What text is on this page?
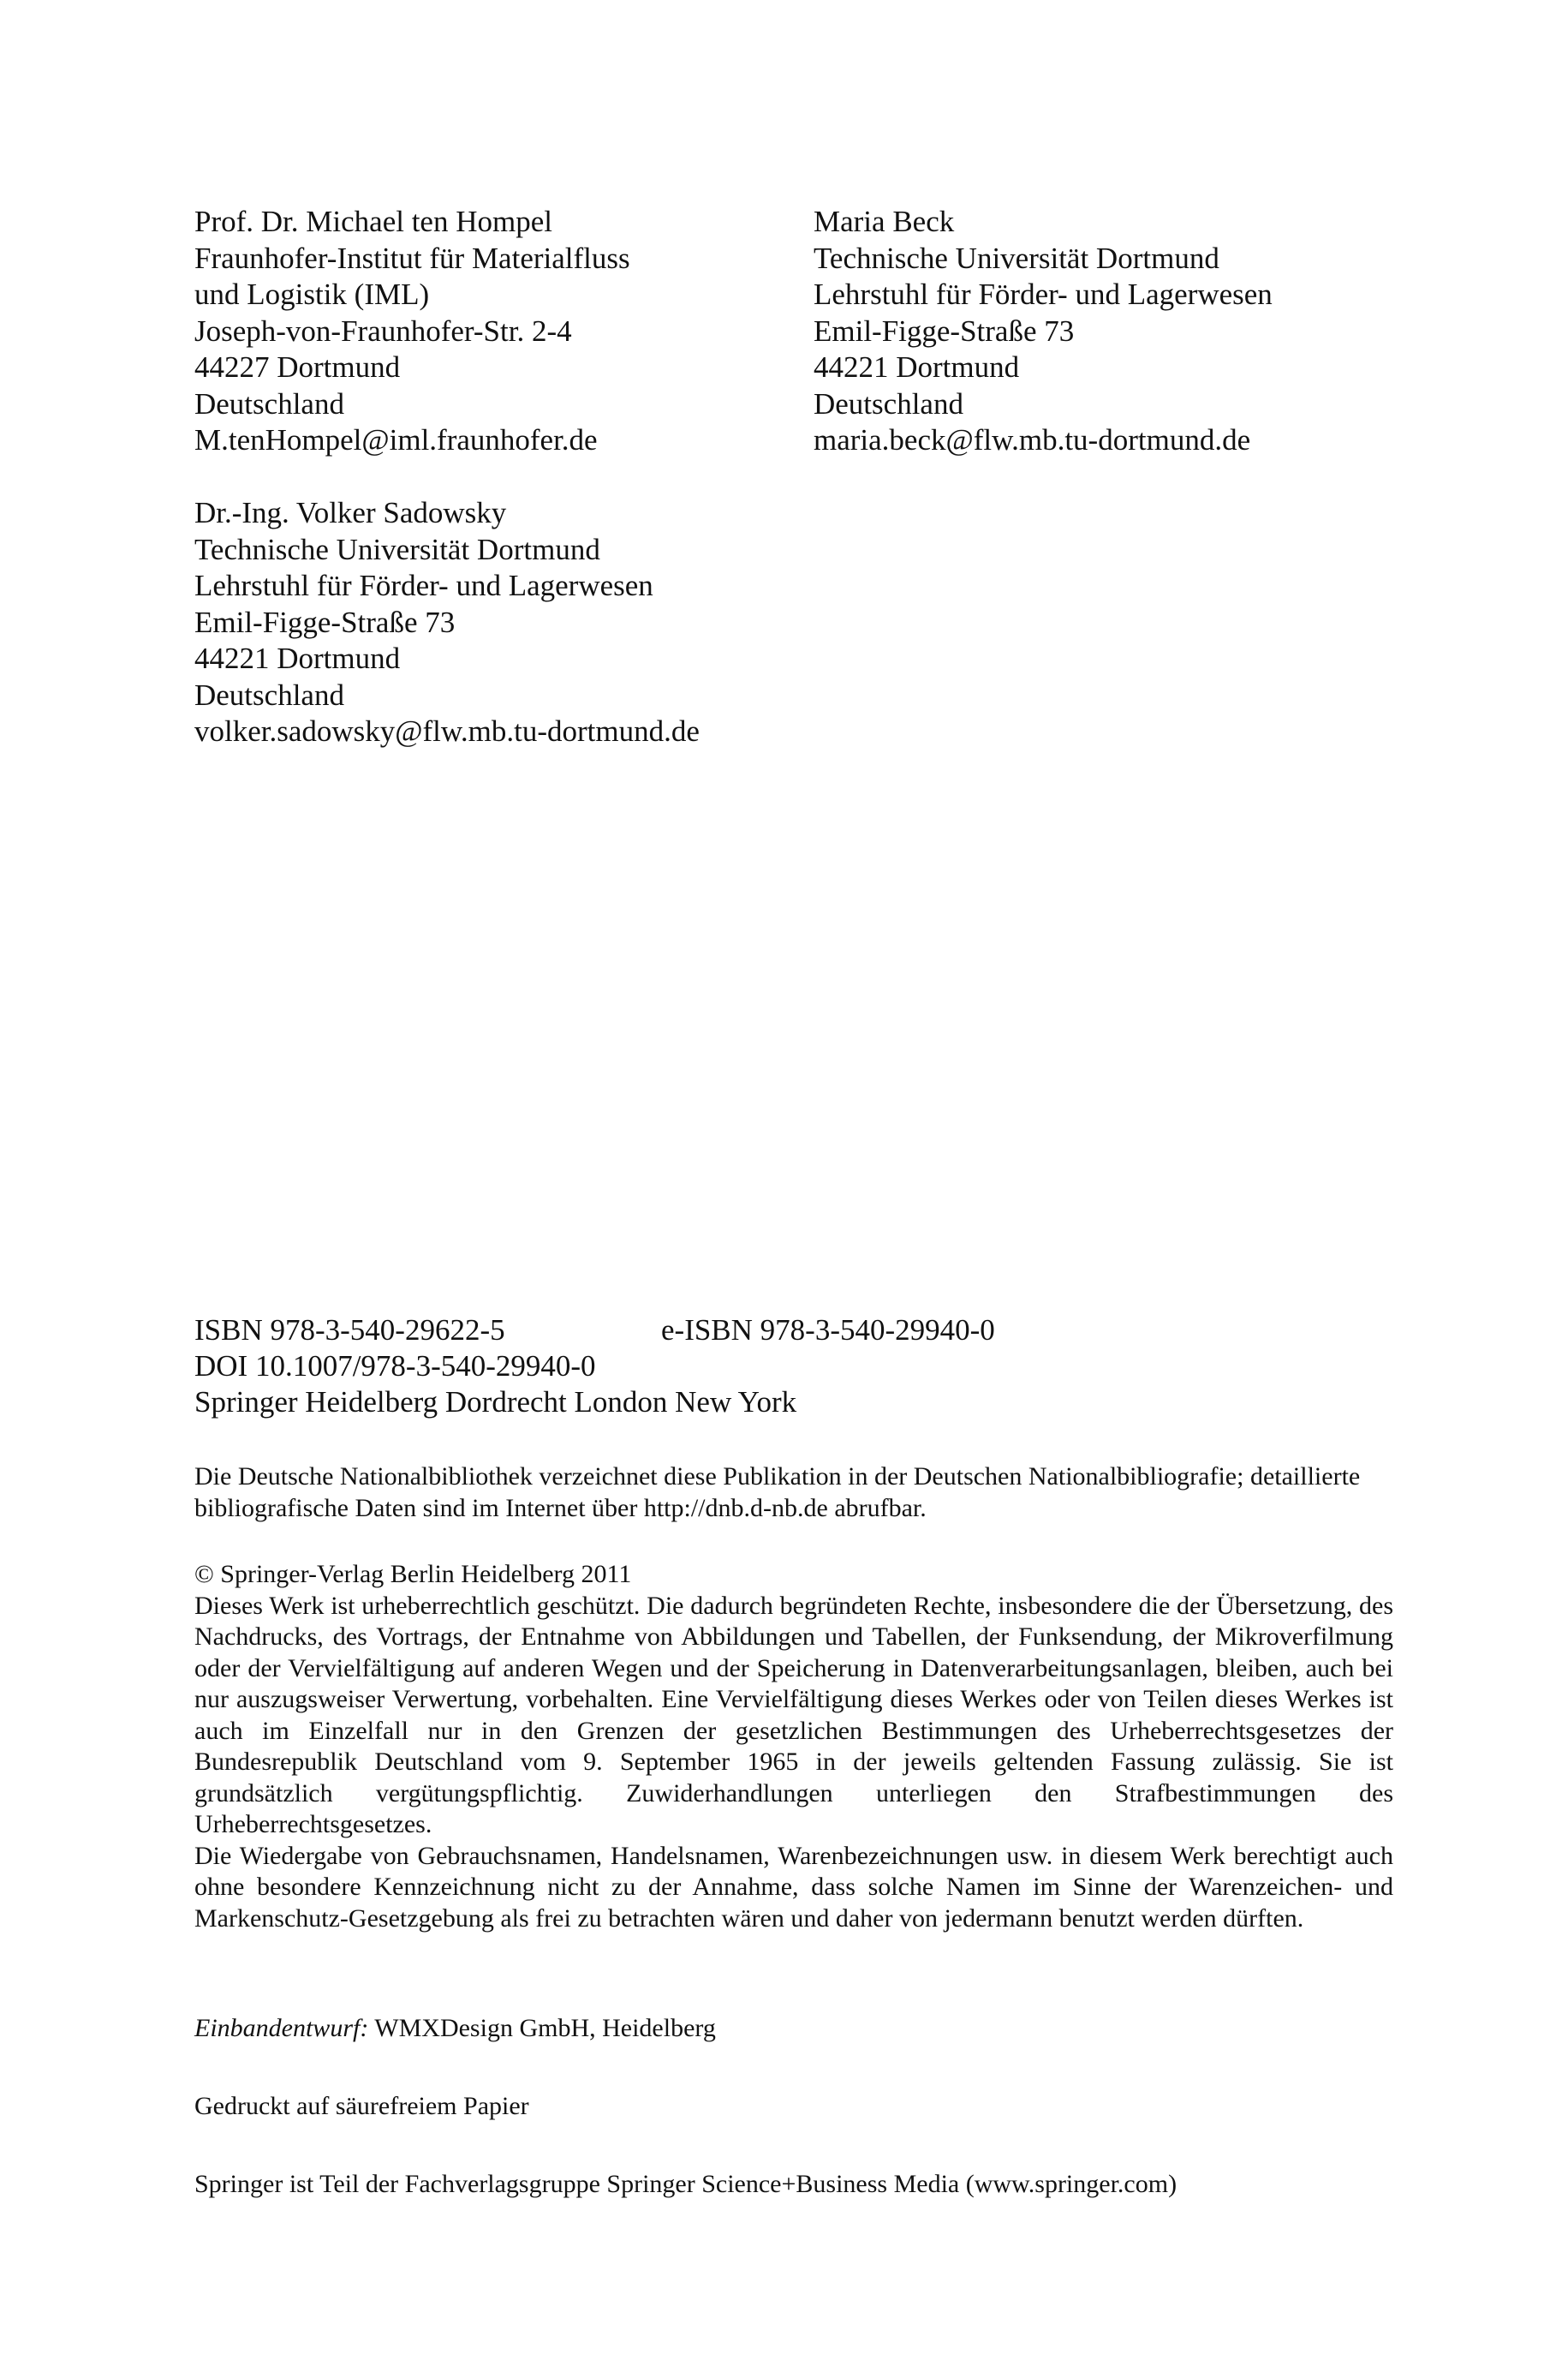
Prof. Dr. Michael ten Hompel
Fraunhofer-Institut für Materialfluss
und Logistik (IML)
Joseph-von-Fraunhofer-Str. 2-4
44227 Dortmund
Deutschland
M.tenHompel@iml.fraunhofer.de
Maria Beck
Technische Universität Dortmund
Lehrstuhl für Förder- und Lagerwesen
Emil-Figge-Straße 73
44221 Dortmund
Deutschland
maria.beck@flw.mb.tu-dortmund.de
Dr.-Ing. Volker Sadowsky
Technische Universität Dortmund
Lehrstuhl für Förder- und Lagerwesen
Emil-Figge-Straße 73
44221 Dortmund
Deutschland
volker.sadowsky@flw.mb.tu-dortmund.de
ISBN 978-3-540-29622-5	e-ISBN 978-3-540-29940-0
DOI 10.1007/978-3-540-29940-0
Springer Heidelberg Dordrecht London New York
Die Deutsche Nationalbibliothek verzeichnet diese Publikation in der Deutschen Nationalbibliografie; detaillierte bibliografische Daten sind im Internet über http://dnb.d-nb.de abrufbar.

© Springer-Verlag Berlin Heidelberg 2011

Dieses Werk ist urheberrechtlich geschützt. Die dadurch begründeten Rechte, insbesondere die der Übersetzung, des Nachdrucks, des Vortrags, der Entnahme von Abbildungen und Tabellen, der Funksendung, der Mikroverfilmung oder der Vervielfältigung auf anderen Wegen und der Speicherung in Datenverarbeitungsanlagen, bleiben, auch bei nur auszugsweiser Verwertung, vorbehalten. Eine Vervielfältigung dieses Werkes oder von Teilen dieses Werkes ist auch im Einzelfall nur in den Grenzen der gesetzlichen Bestimmungen des Urheberrechtsgesetzes der Bundesrepublik Deutschland vom 9. September 1965 in der jeweils geltenden Fassung zulässig. Sie ist grundsätzlich vergütungspflichtig. Zuwiderhandlungen unterliegen den Strafbestimmungen des Urheberrechtsgesetzes.

Die Wiedergabe von Gebrauchsnamen, Handelsnamen, Warenbezeichnungen usw. in diesem Werk berechtigt auch ohne besondere Kennzeichnung nicht zu der Annahme, dass solche Namen im Sinne der Warenzeichen- und Markenschutz-Gesetzgebung als frei zu betrachten wären und daher von jedermann benutzt werden dürften.

Einbandentwurf: WMXDesign GmbH, Heidelberg
Gedruckt auf säurefreiem Papier
Springer ist Teil der Fachverlagsgruppe Springer Science+Business Media (www.springer.com)
